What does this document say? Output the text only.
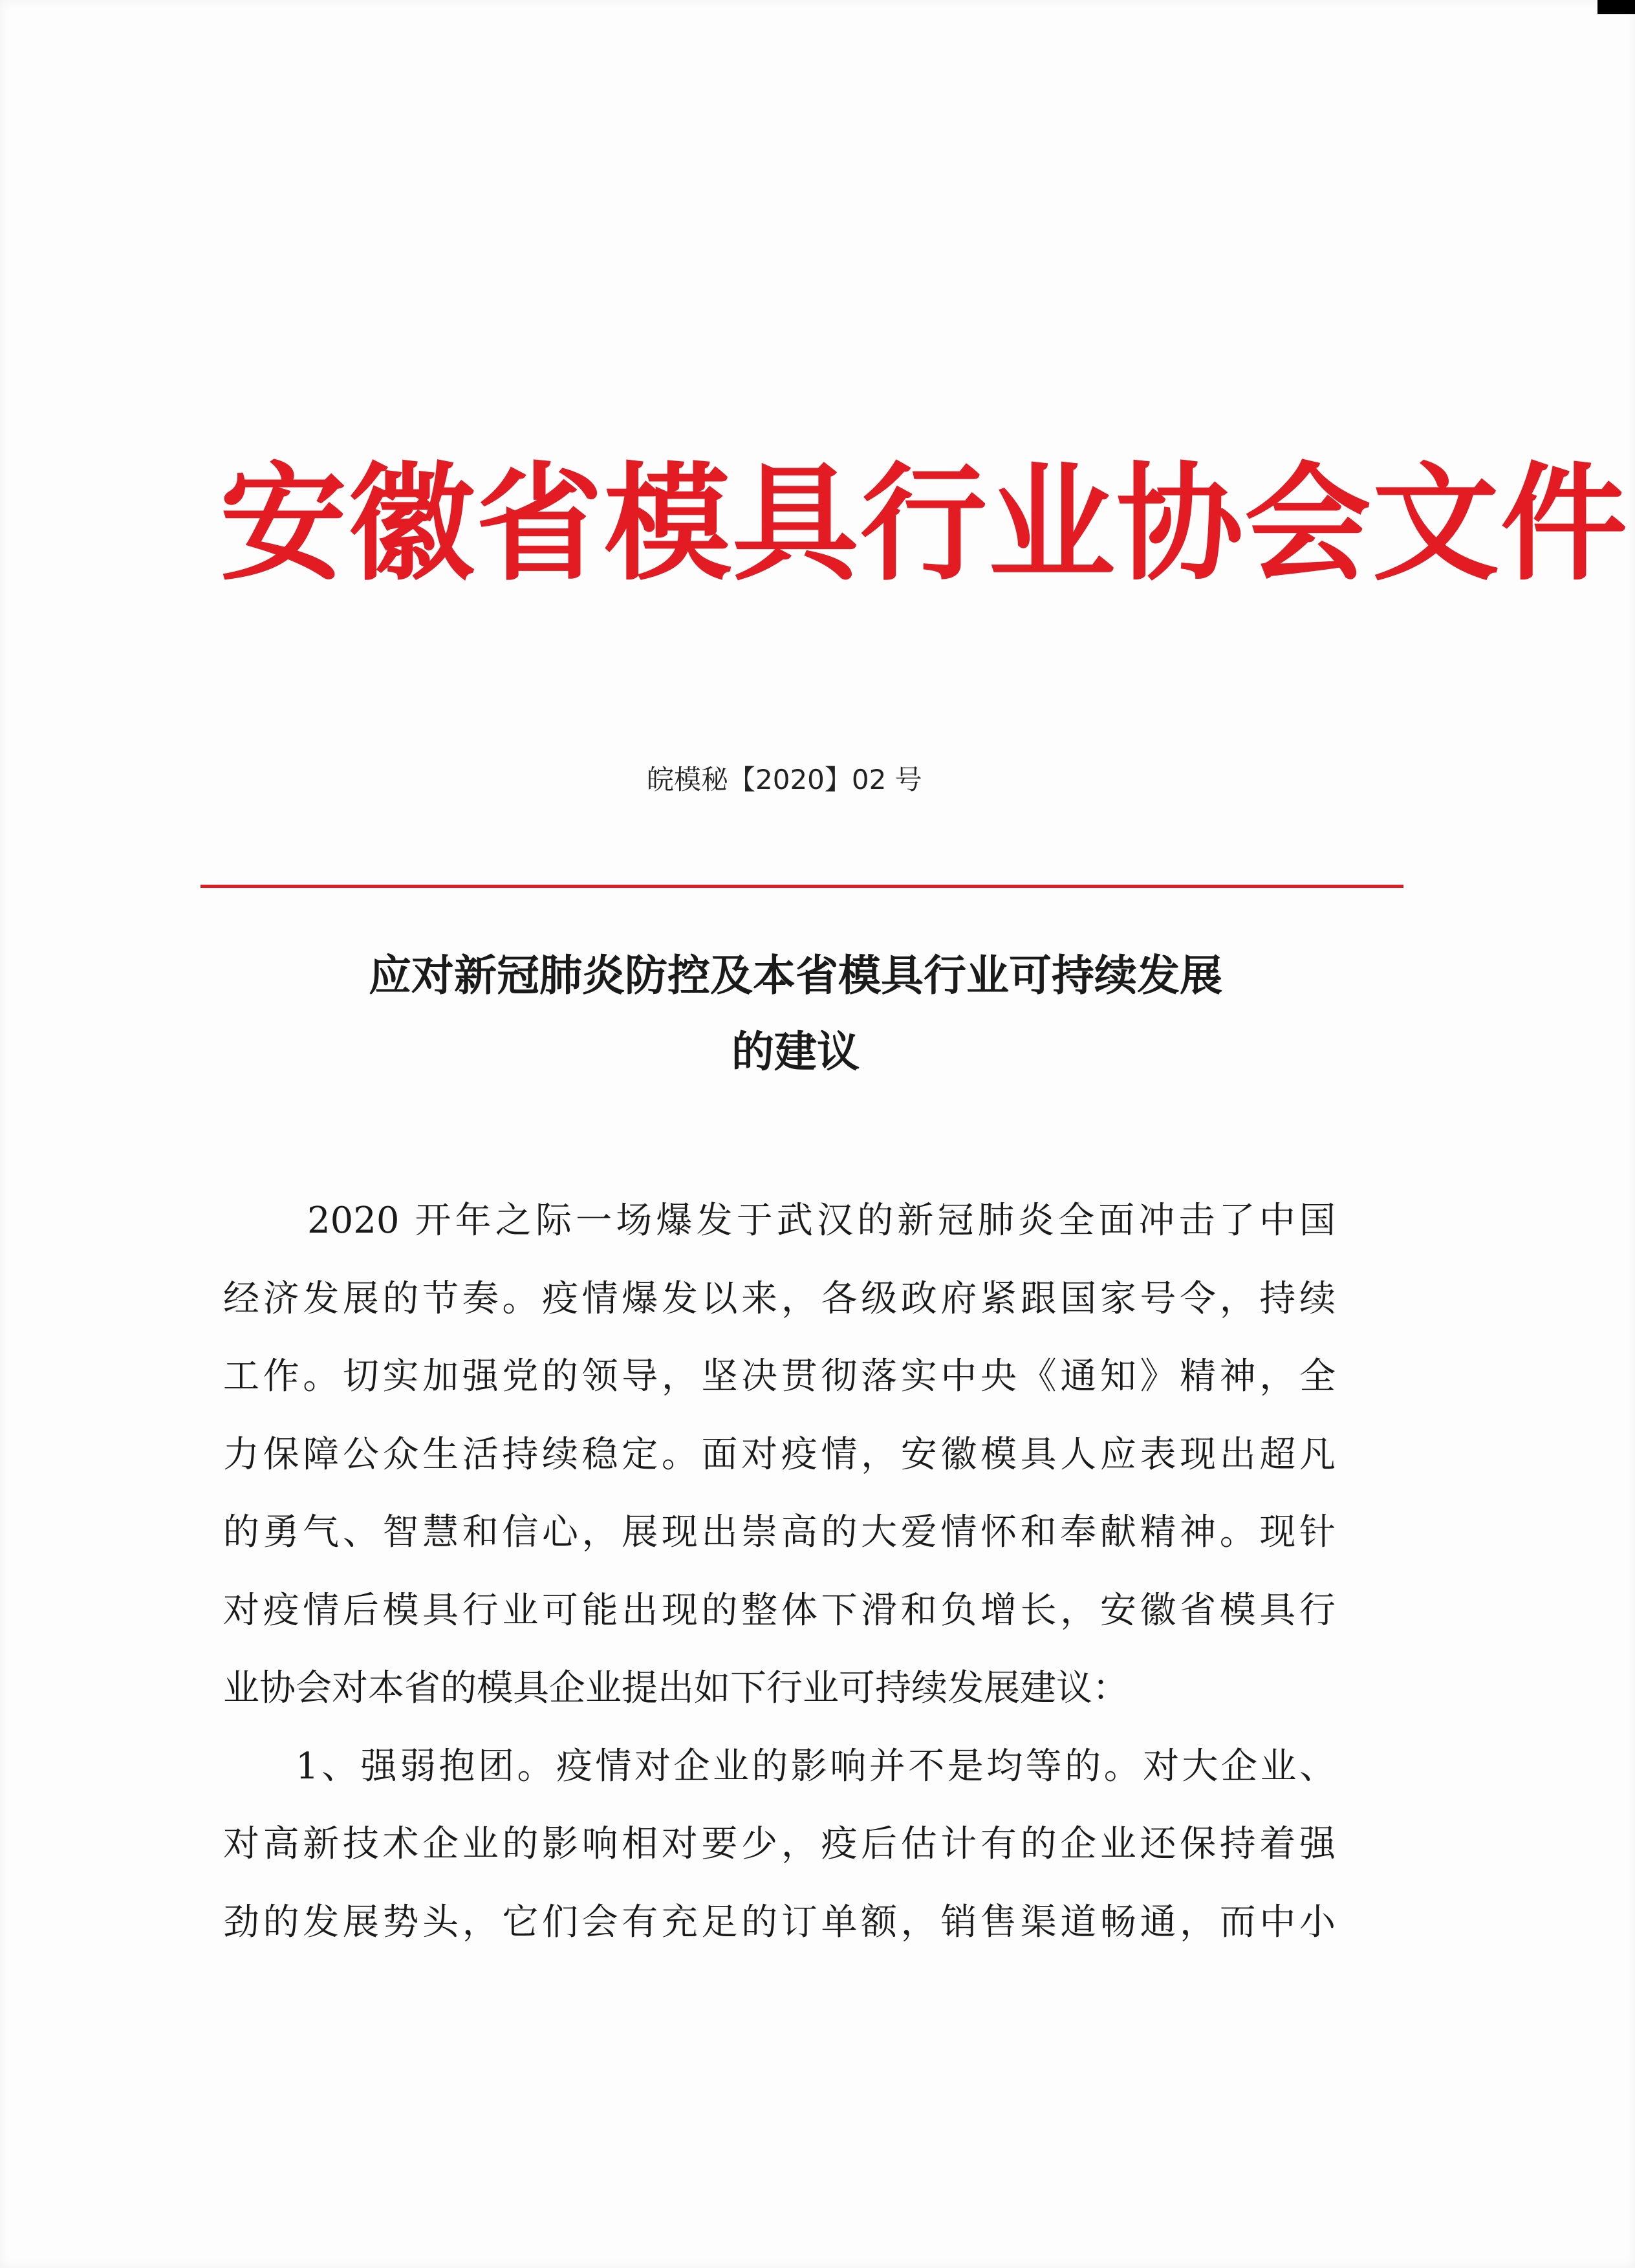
安徽省模具行业协会文件
皖模秘【2020】02 号
应对新冠肺炎防控及本省模具行业可持续发展
的建议
2020 开年之际一场爆发于武汉的新冠肺炎全面冲击了中国
经济发展的节奏。疫情爆发以来，各级政府紧跟国家号令，持续
工作。切实加强党的领导，坚决贯彻落实中央《通知》精神，全
力保障公众生活持续稳定。面对疫情，安徽模具人应表现出超凡
的勇气、智慧和信心，展现出崇高的大爱情怀和奉献精神。现针
对疫情后模具行业可能出现的整体下滑和负增长，安徽省模具行
业协会对本省的模具企业提出如下行业可持续发展建议：
1、强弱抱团。疫情对企业的影响并不是均等的。对大企业、
对高新技术企业的影响相对要少，疫后估计有的企业还保持着强
劲的发展势头，它们会有充足的订单额，销售渠道畅通，而中小
